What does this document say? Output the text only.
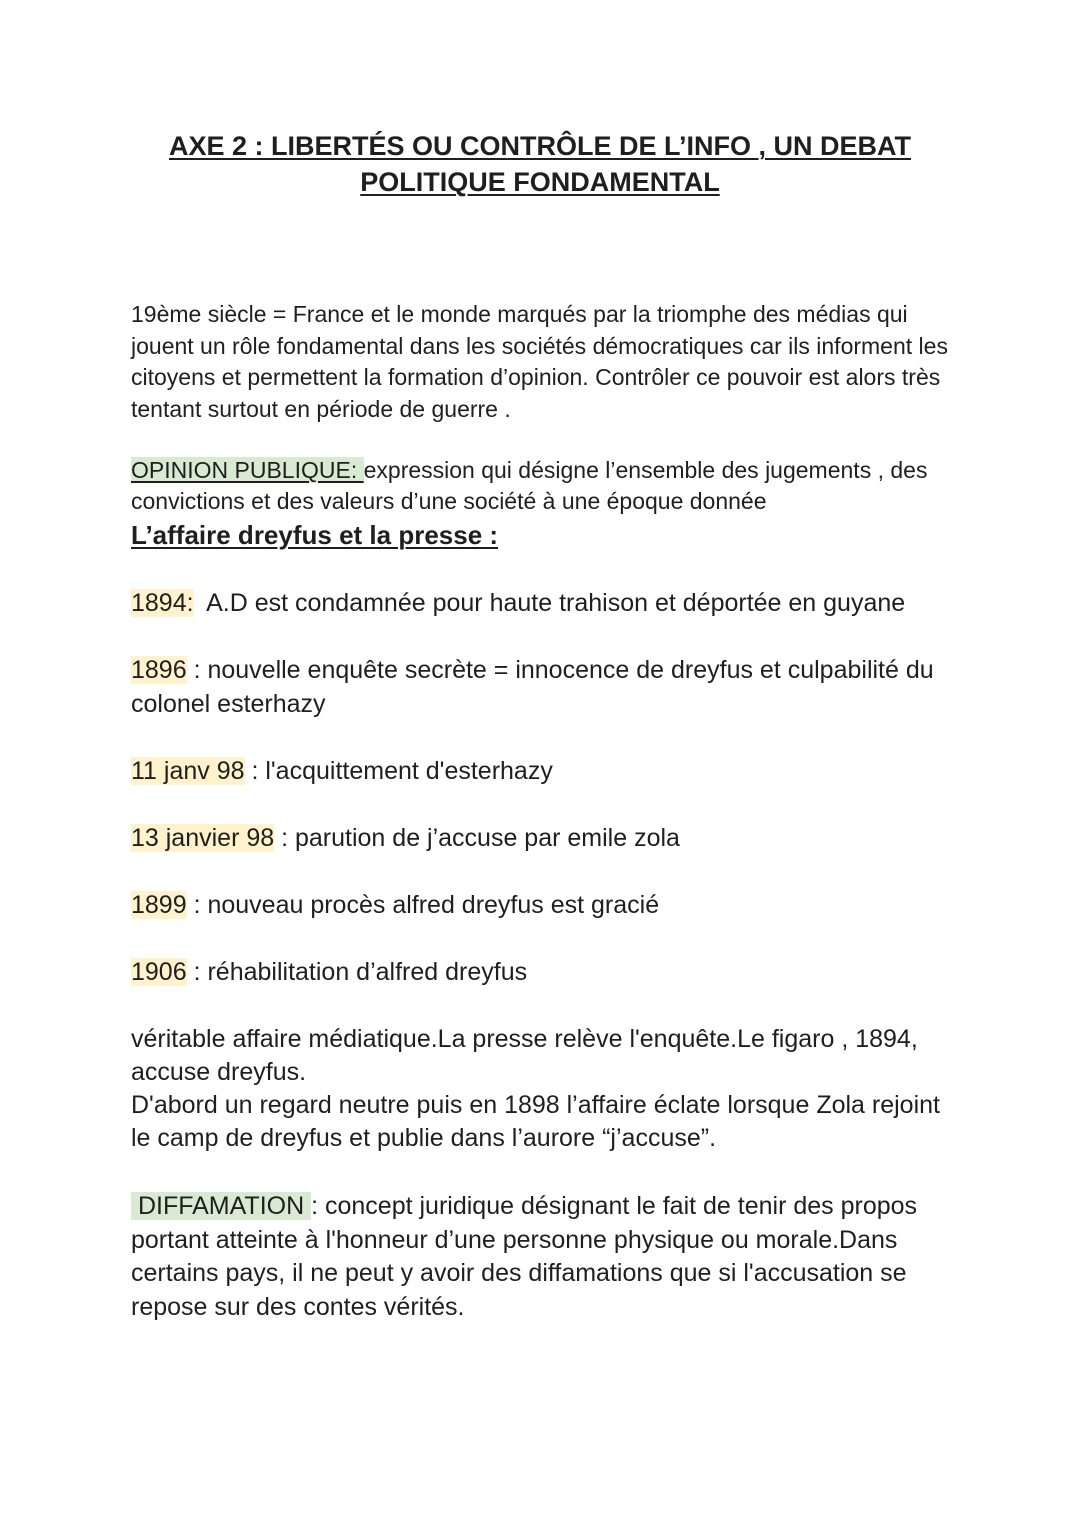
AXE 2 : LIBERTÉS OU CONTRÔLE DE L’INFO , UN DEBAT
POLITIQUE FONDAMENTAL
19ème siècle = France et le monde marqués par la triomphe des médias qui jouent un rôle fondamental dans les sociétés démocratiques car ils informent les citoyens et permettent la formation d’opinion. Contrôler ce pouvoir est alors très tentant surtout en période de guerre .
OPINION PUBLIQUE: expression qui désigne l’ensemble des jugements , des convictions et des valeurs d’une société à une époque donnée
L’affaire dreyfus et la presse :
1894:  A.D est condamnée pour haute trahison et déportée en guyane
1896 : nouvelle enquête secrète = innocence de dreyfus et culpabilité du colonel esterhazy
11 janv 98 : l'acquittement d'esterhazy
13 janvier 98 : parution de j’accuse par emile zola
1899 : nouveau procès alfred dreyfus est gracié
1906 : réhabilitation d’alfred dreyfus
véritable affaire médiatique.La presse relève l'enquête.Le figaro , 1894, accuse dreyfus.
D'abord un regard neutre puis en 1898 l’affaire éclate lorsque Zola rejoint le camp de dreyfus et publie dans l’aurore “j’accuse”.
DIFFAMATION : concept juridique désignant le fait de tenir des propos portant atteinte à l'honneur d’une personne physique ou morale.Dans certains pays, il ne peut y avoir des diffamations que si l'accusation se repose sur des contes vérités.
